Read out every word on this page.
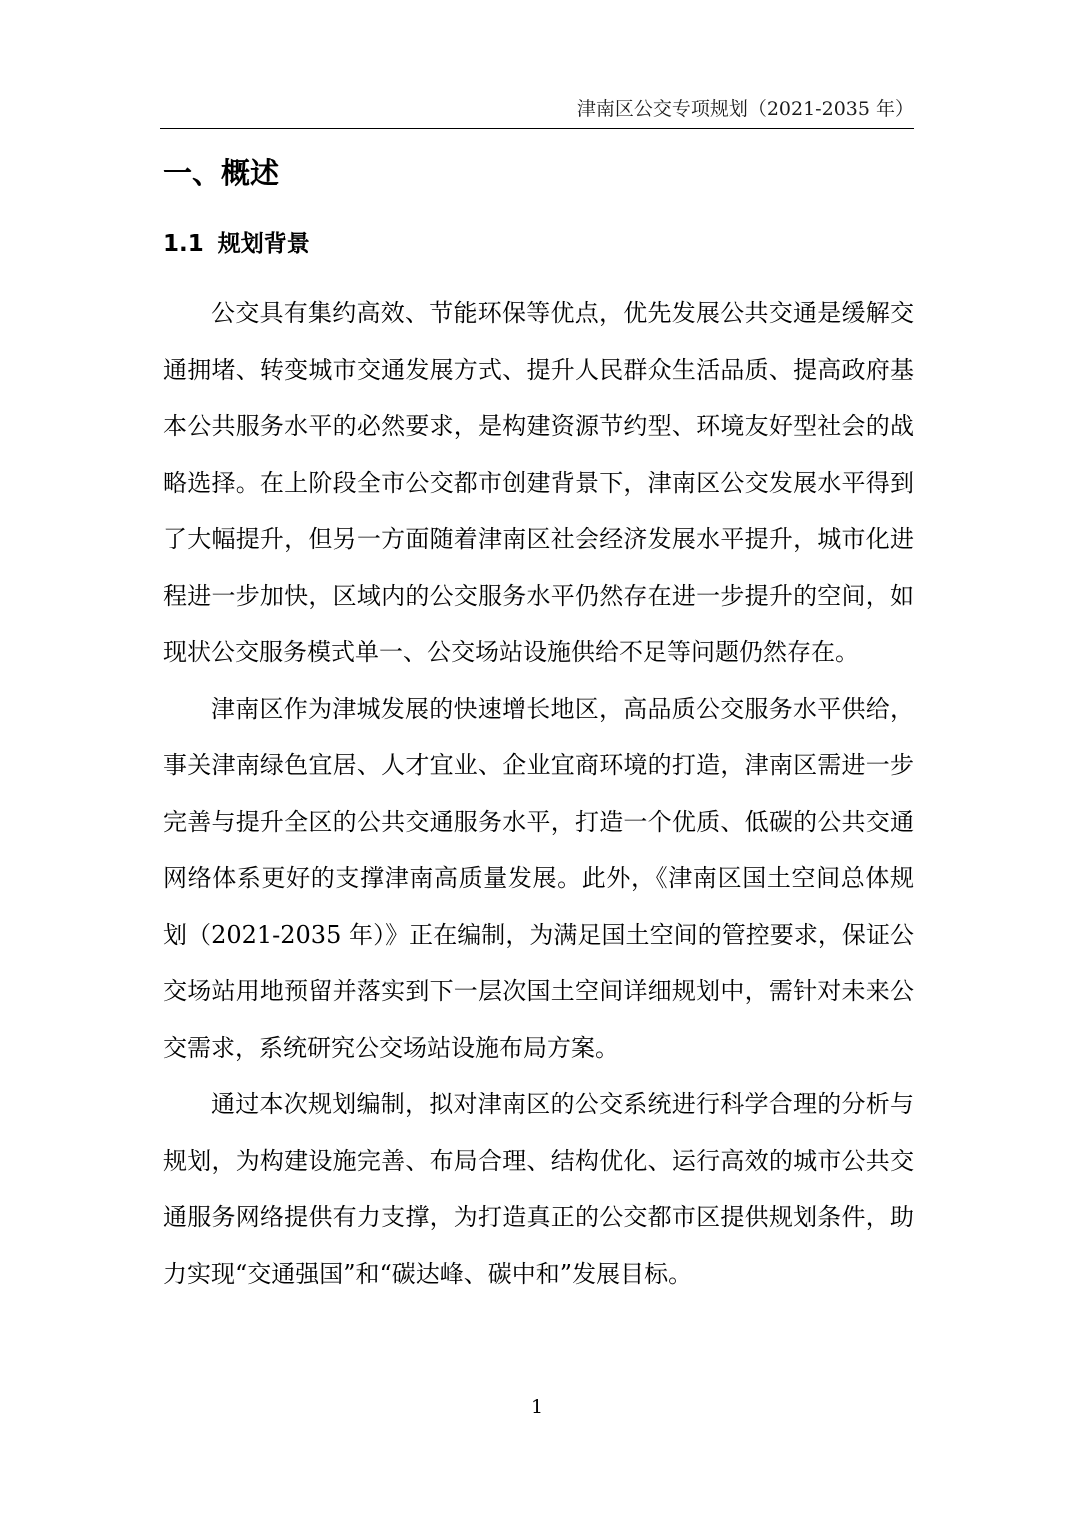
津南区公交专项规划（2021-2035 年）
一、概述
1.1 规划背景

公交具有集约高效、节能环保等优点，优先发展公共交通是缓解交通拥堵、转变城市交通发展方式、提升人民群众生活品质、提高政府基本公共服务水平的必然要求，是构建资源节约型、环境友好型社会的战略选择。在上阶段全市公交都市创建背景下，津南区公交发展水平得到了大幅提升，但另一方面随着津南区社会经济发展水平提升，城市化进程进一步加快，区域内的公交服务水平仍然存在进一步提升的空间，如现状公交服务模式单一、公交场站设施供给不足等问题仍然存在。

津南区作为津城发展的快速增长地区，高品质公交服务水平供给，事关津南绿色宜居、人才宜业、企业宜商环境的打造，津南区需进一步完善与提升全区的公共交通服务水平，打造一个优质、低碳的公共交通网络体系更好的支撑津南高质量发展。此外，《津南区国土空间总体规划（2021-2035 年）》正在编制，为满足国土空间的管控要求，保证公交场站用地预留并落实到下一层次国土空间详细规划中，需针对未来公交需求，系统研究公交场站设施布局方案。

通过本次规划编制，拟对津南区的公交系统进行科学合理的分析与规划，为构建设施完善、布局合理、结构优化、运行高效的城市公共交通服务网络提供有力支撑，为打造真正的公交都市区提供规划条件，助力实现“交通强国”和“碳达峰、碳中和”发展目标。

1
